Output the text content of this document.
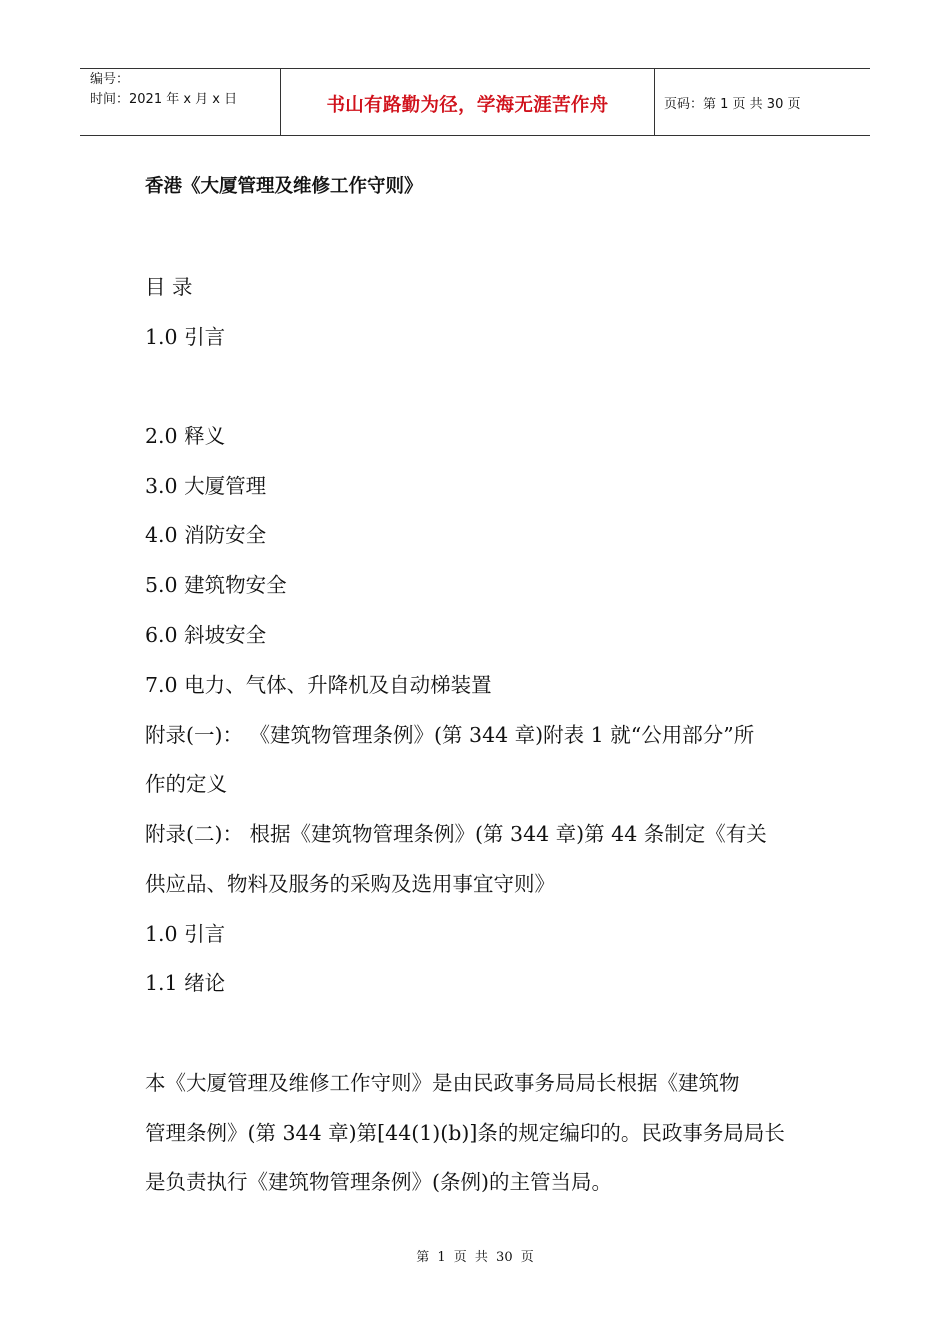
编号：
时间：2021 年 x 月 x 日	书山有路勤为径，学海无涯苦作舟	页码：第 1 页 共 30 页
香港《大厦管理及维修工作守则》
目 录
1.0 引言
2.0 释义
3.0 大厦管理
4.0 消防安全
5.0 建筑物安全
6.0 斜坡安全
7.0 电力、气体、升降机及自动梯装置
附录(一)： 《建筑物管理条例》(第 344 章)附表 1 就“公用部分”所
作的定义
附录(二)： 根据《建筑物管理条例》(第 344 章)第 44 条制定《有关
供应品、物料及服务的采购及选用事宜守则》
1.0 引言
1.1 绪论
本《大厦管理及维修工作守则》是由民政事务局局长根据《建筑物
管理条例》(第 344 章)第[44(1)(b)]条的规定编印的。民政事务局局长
是负责执行《建筑物管理条例》(条例)的主管当局。
第 1 页 共 30 页
